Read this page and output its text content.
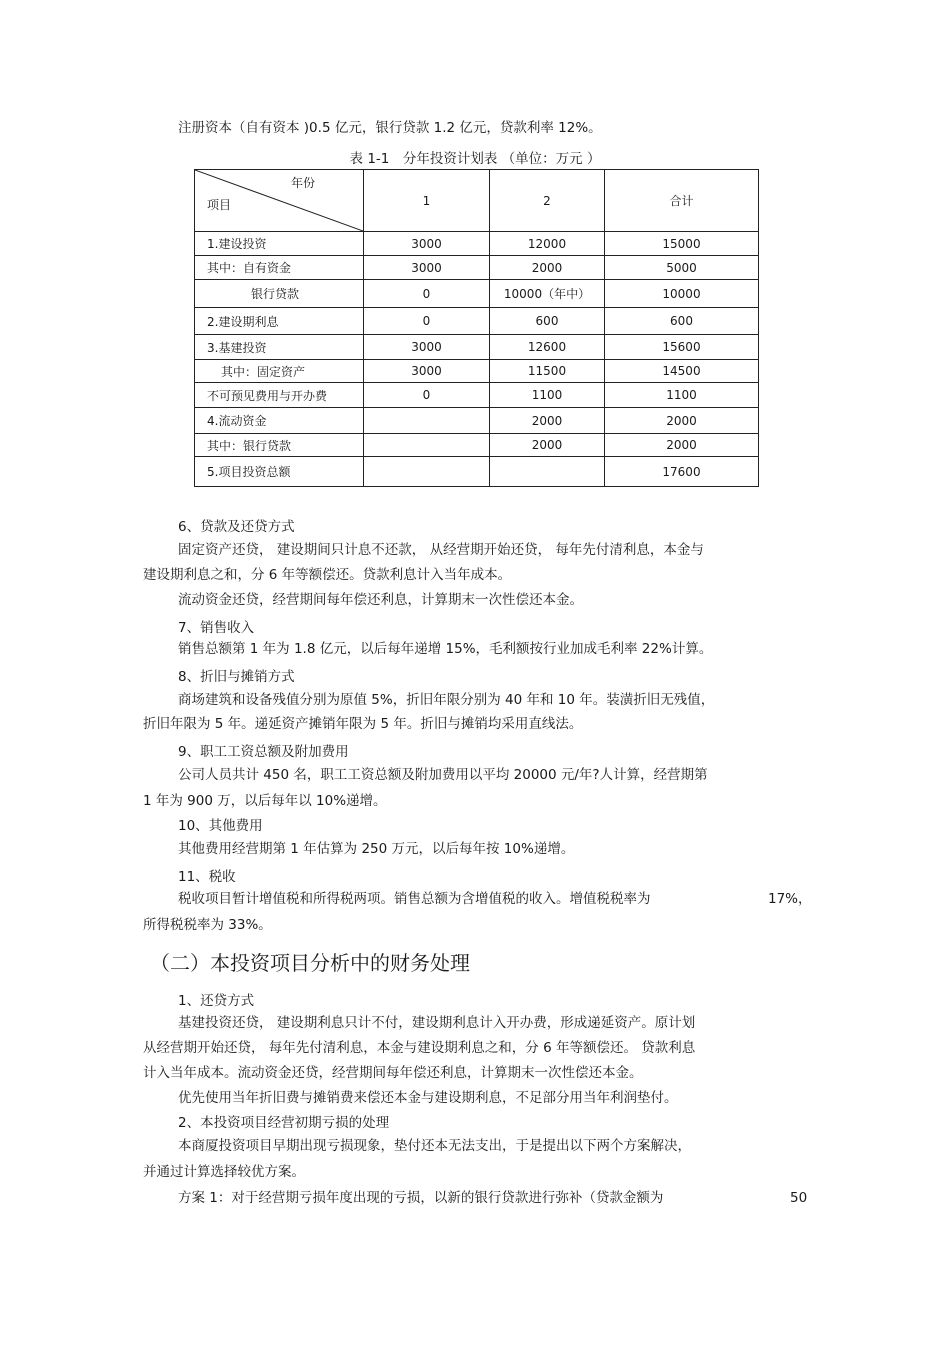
注册资本（自有资本 )0.5 亿元，银行贷款 1.2 亿元，贷款利率 12%。
表 1-1　分年投资计划表 （单位：万元 ）
年份
项目	1	2	合计
1.建设投资	3000	12000	15000
其中：自有资金	3000	2000	5000
银行贷款	0	10000（年中）	10000
2.建设期利息	0	600	600
3.基建投资	3000	12600	15600
其中：固定资产	3000	11500	14500
不可预见费用与开办费	0	1100	1100
4.流动资金		2000	2000
其中：银行贷款		2000	2000
5.项目投资总额			17600
6、贷款及还贷方式
固定资产还贷， 建设期间只计息不还款， 从经营期开始还贷， 每年先付清利息，本金与
建设期利息之和，分 6 年等额偿还。贷款利息计入当年成本。
流动资金还贷，经营期间每年偿还利息，计算期末一次性偿还本金。
7、销售收入
销售总额第 1 年为 1.8 亿元，以后每年递增 15%，毛利额按行业加成毛利率 22%计算。
8、折旧与摊销方式
商场建筑和设备残值分别为原值 5%，折旧年限分别为 40 年和 10 年。装潢折旧无残值，
折旧年限为 5 年。递延资产摊销年限为 5 年。折旧与摊销均采用直线法。
9、职工工资总额及附加费用
公司人员共计 450 名，职工工资总额及附加费用以平均 20000 元/年?人计算，经营期第
1 年为 900 万，以后每年以 10%递增。
10、其他费用
其他费用经营期第 1 年估算为 250 万元，以后每年按 10%递增。
11、税收
税收项目暂计增值税和所得税两项。销售总额为含增值税的收入。增值税税率为	17%，
所得税税率为 33%。
（二）本投资项目分析中的财务处理
1、还贷方式
基建投资还贷， 建设期利息只计不付，建设期利息计入开办费，形成递延资产。原计划
从经营期开始还贷， 每年先付清利息，本金与建设期利息之和，分 6 年等额偿还。 贷款利息
计入当年成本。流动资金还贷，经营期间每年偿还利息，计算期末一次性偿还本金。
优先使用当年折旧费与摊销费来偿还本金与建设期利息，不足部分用当年利润垫付。
2、本投资项目经营初期亏损的处理
本商厦投资项目早期出现亏损现象，垫付还本无法支出，于是提出以下两个方案解决，
并通过计算选择较优方案。
方案 1：对于经营期亏损年度出现的亏损，以新的银行贷款进行弥补（贷款金额为	50
